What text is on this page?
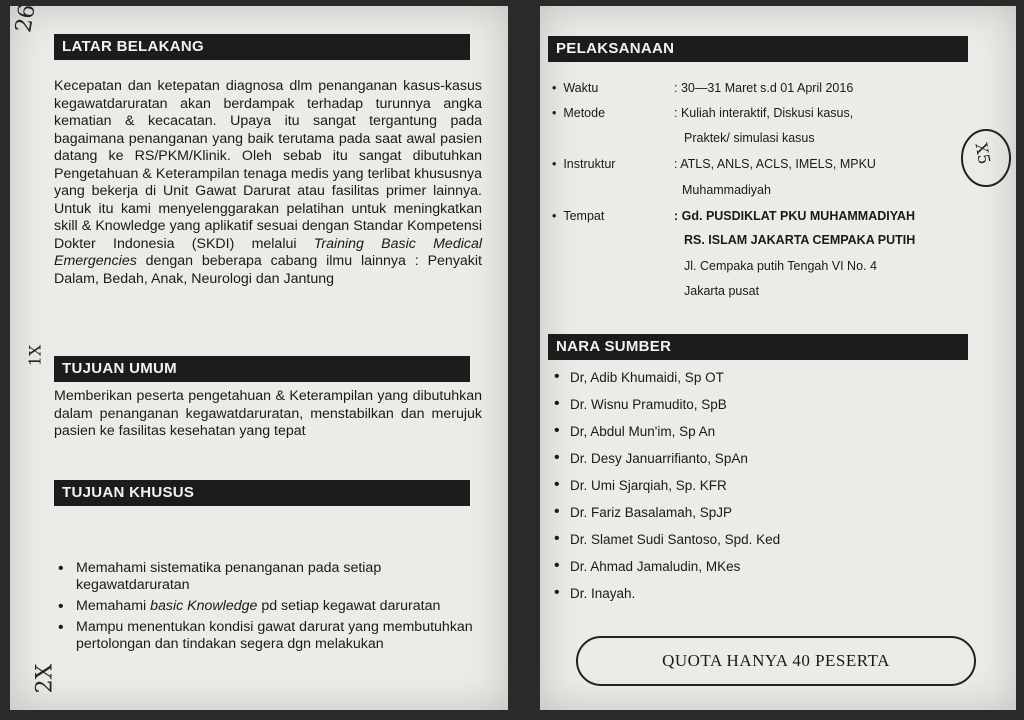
LATAR BELAKANG
Kecepatan dan ketepatan diagnosa dlm penanganan kasus-kasus kegawatdaruratan akan berdampak terhadap turunnya angka kematian & kecacatan. Upaya itu sangat tergantung pada bagaimana penanganan yang baik terutama pada saat awal pasien datang ke RS/PKM/Klinik. Oleh sebab itu sangat dibutuhkan Pengetahuan & Keterampilan tenaga medis yang terlibat khususnya yang bekerja di Unit Gawat Darurat atau fasilitas primer lainnya. Untuk itu kami menyelenggarakan pelatihan untuk meningkatkan skill & Knowledge yang aplikatif sesuai dengan Standar Kompetensi Dokter Indonesia (SKDI) melalui Training Basic Medical Emergencies dengan beberapa cabang ilmu lainnya : Penyakit Dalam, Bedah, Anak, Neurologi dan Jantung
TUJUAN UMUM
Memberikan peserta pengetahuan & Keterampilan yang dibutuhkan dalam penanganan kegawatdaruratan, menstabilkan dan merujuk pasien ke fasilitas kesehatan yang tepat
TUJUAN KHUSUS
• Memahami sistematika penanganan pada setiap kegawatdaruratan
• Memahami basic Knowledge pd setiap kegawat daruratan
• Mampu menentukan kondisi gawat darurat yang membutuhkan pertolongan dan tindakan segera dgn melakukan
26
1X
2X
PELAKSANAAN
•  Waktu	: 30—31 Maret s.d 01 April 2016
•  Metode	: Kuliah interaktif, Diskusi kasus,
Praktek/ simulasi kasus
•  Instruktur	: ATLS, ANLS, ACLS, IMELS, MPKU
Muhammadiyah
•  Tempat	: Gd. PUSDIKLAT PKU MUHAMMADIYAH
RS. ISLAM JAKARTA CEMPAKA PUTIH
Jl. Cempaka putih Tengah VI No. 4
Jakarta pusat
X5
NARA SUMBER
• Dr, Adib Khumaidi, Sp OT
• Dr. Wisnu Pramudito, SpB
• Dr, Abdul Mun'im, Sp An
• Dr. Desy Januarrifianto, SpAn
• Dr. Umi Sjarqiah, Sp. KFR
• Dr. Fariz Basalamah, SpJP
• Dr. Slamet Sudi Santoso, Spd. Ked
• Dr. Ahmad Jamaludin, MKes
• Dr. Inayah.
QUOTA HANYA 40 PESERTA
